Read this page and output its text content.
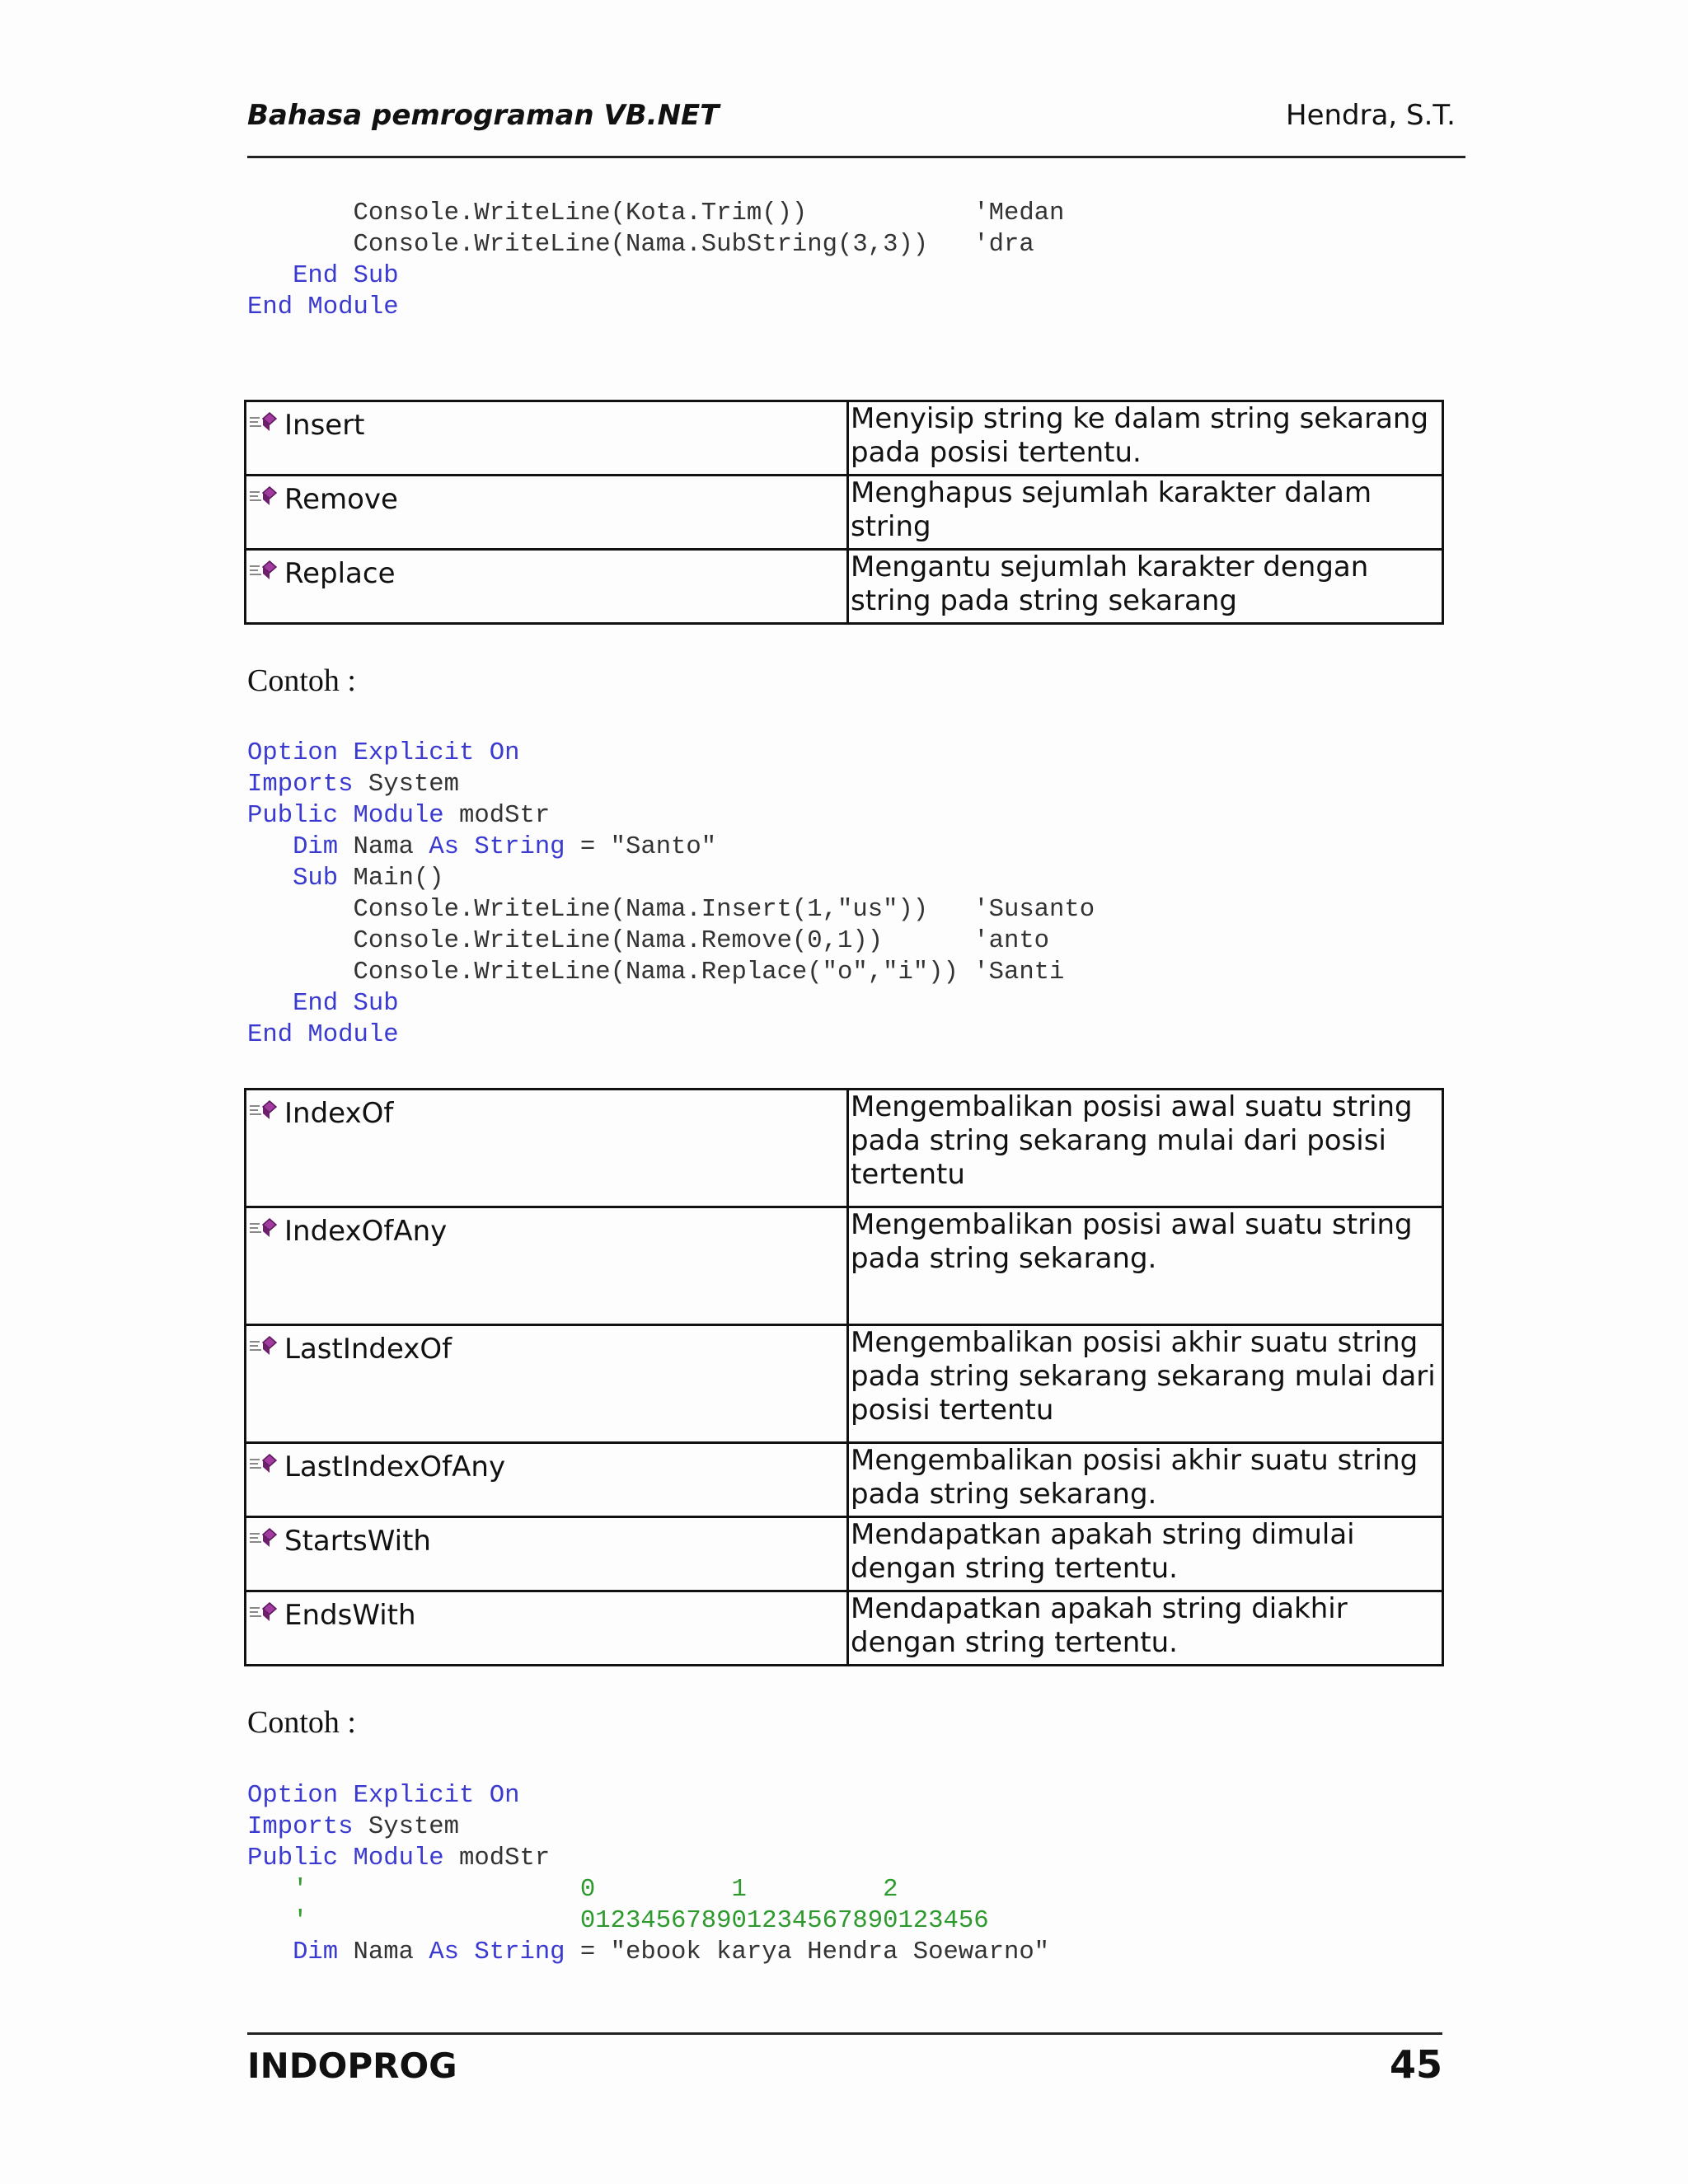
Bahasa pemrograman VB.NET	Hendra, S.T.
Console.WriteLine(Kota.Trim())	'Medan
Console.WriteLine(Nama.SubString(3,3)) 'dra
End Sub
End Module
Insert	Menyisip string ke dalam string sekarang pada posisi tertentu.
Remove	Menghapus sejumlah karakter dalam string
Replace	Mengantu sejumlah karakter dengan string pada string sekarang
Contoh :
Option Explicit On
Imports System
Public Module modStr
Dim Nama As String = "Santo"
Sub Main()
Console.WriteLine(Nama.Insert(1,"us")) 'Susanto
Console.WriteLine(Nama.Remove(0,1))	'anto
Console.WriteLine(Nama.Replace("o","i")) 'Santi
End Sub
End Module
IndexOf	Mengembalikan posisi awal suatu string pada string sekarang mulai dari posisi tertentu
IndexOfAny	Mengembalikan posisi awal suatu string pada string sekarang.
LastIndexOf	Mengembalikan posisi akhir suatu string pada string sekarang sekarang mulai dari posisi tertentu
LastIndexOfAny	Mengembalikan posisi akhir suatu string pada string sekarang.
StartsWith	Mendapatkan apakah string dimulai dengan string tertentu.
EndsWith	Mendapatkan apakah string diakhir dengan string tertentu.
Contoh :
Option Explicit On
Imports System
Public Module modStr
'	0         1         2
'	012345678901234567890123456
Dim Nama As String = "ebook karya Hendra Soewarno"
INDOPROG	45
